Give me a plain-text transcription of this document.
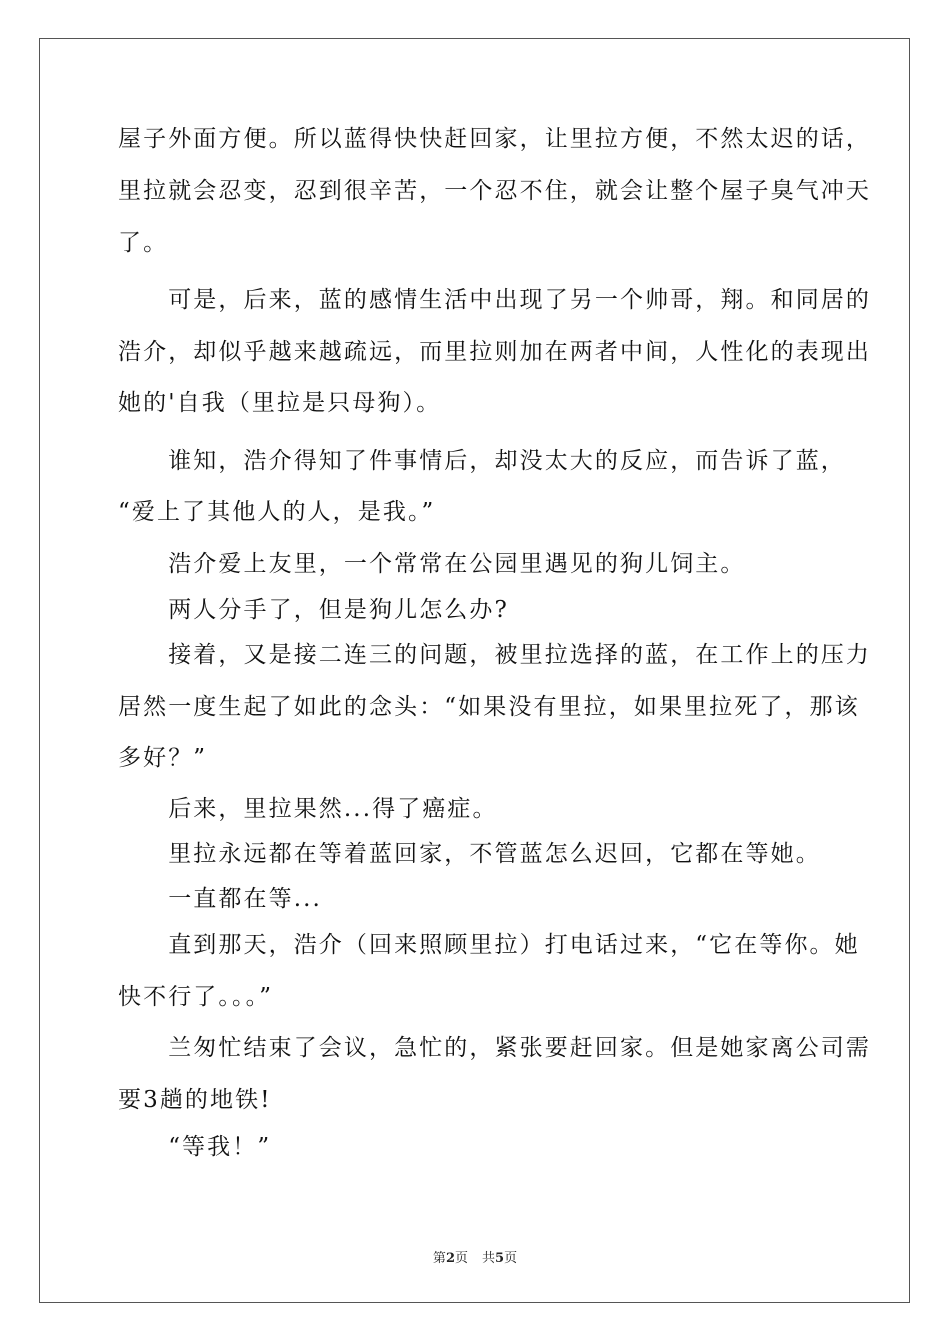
屋子外面方便。所以蓝得快快赶回家，让里拉方便，不然太迟的话，
里拉就会忍变，忍到很辛苦，一个忍不住，就会让整个屋子臭气冲天
了。
　　可是，后来，蓝的感情生活中出现了另一个帅哥，翔。和同居的
浩介，却似乎越来越疏远，而里拉则加在两者中间，人性化的表现出
她的'自我（里拉是只母狗）。
　　谁知，浩介得知了件事情后，却没太大的反应，而告诉了蓝，
“爱上了其他人的人，是我。”
　　浩介爱上友里，一个常常在公园里遇见的狗儿饲主。
　　两人分手了，但是狗儿怎么办?
　　接着，又是接二连三的问题，被里拉选择的蓝，在工作上的压力
居然一度生起了如此的念头：“如果没有里拉，如果里拉死了，那该
多好？”
　　后来，里拉果然...得了癌症。
　　里拉永远都在等着蓝回家，不管蓝怎么迟回，它都在等她。
　　一直都在等...
　　直到那天，浩介（回来照顾里拉）打电话过来，“它在等你。她
快不行了。。。”
　　兰匆忙结束了会议，急忙的，紧张要赶回家。但是她家离公司需
要3趟的地铁!
　　“等我！”
第2页 共5页
